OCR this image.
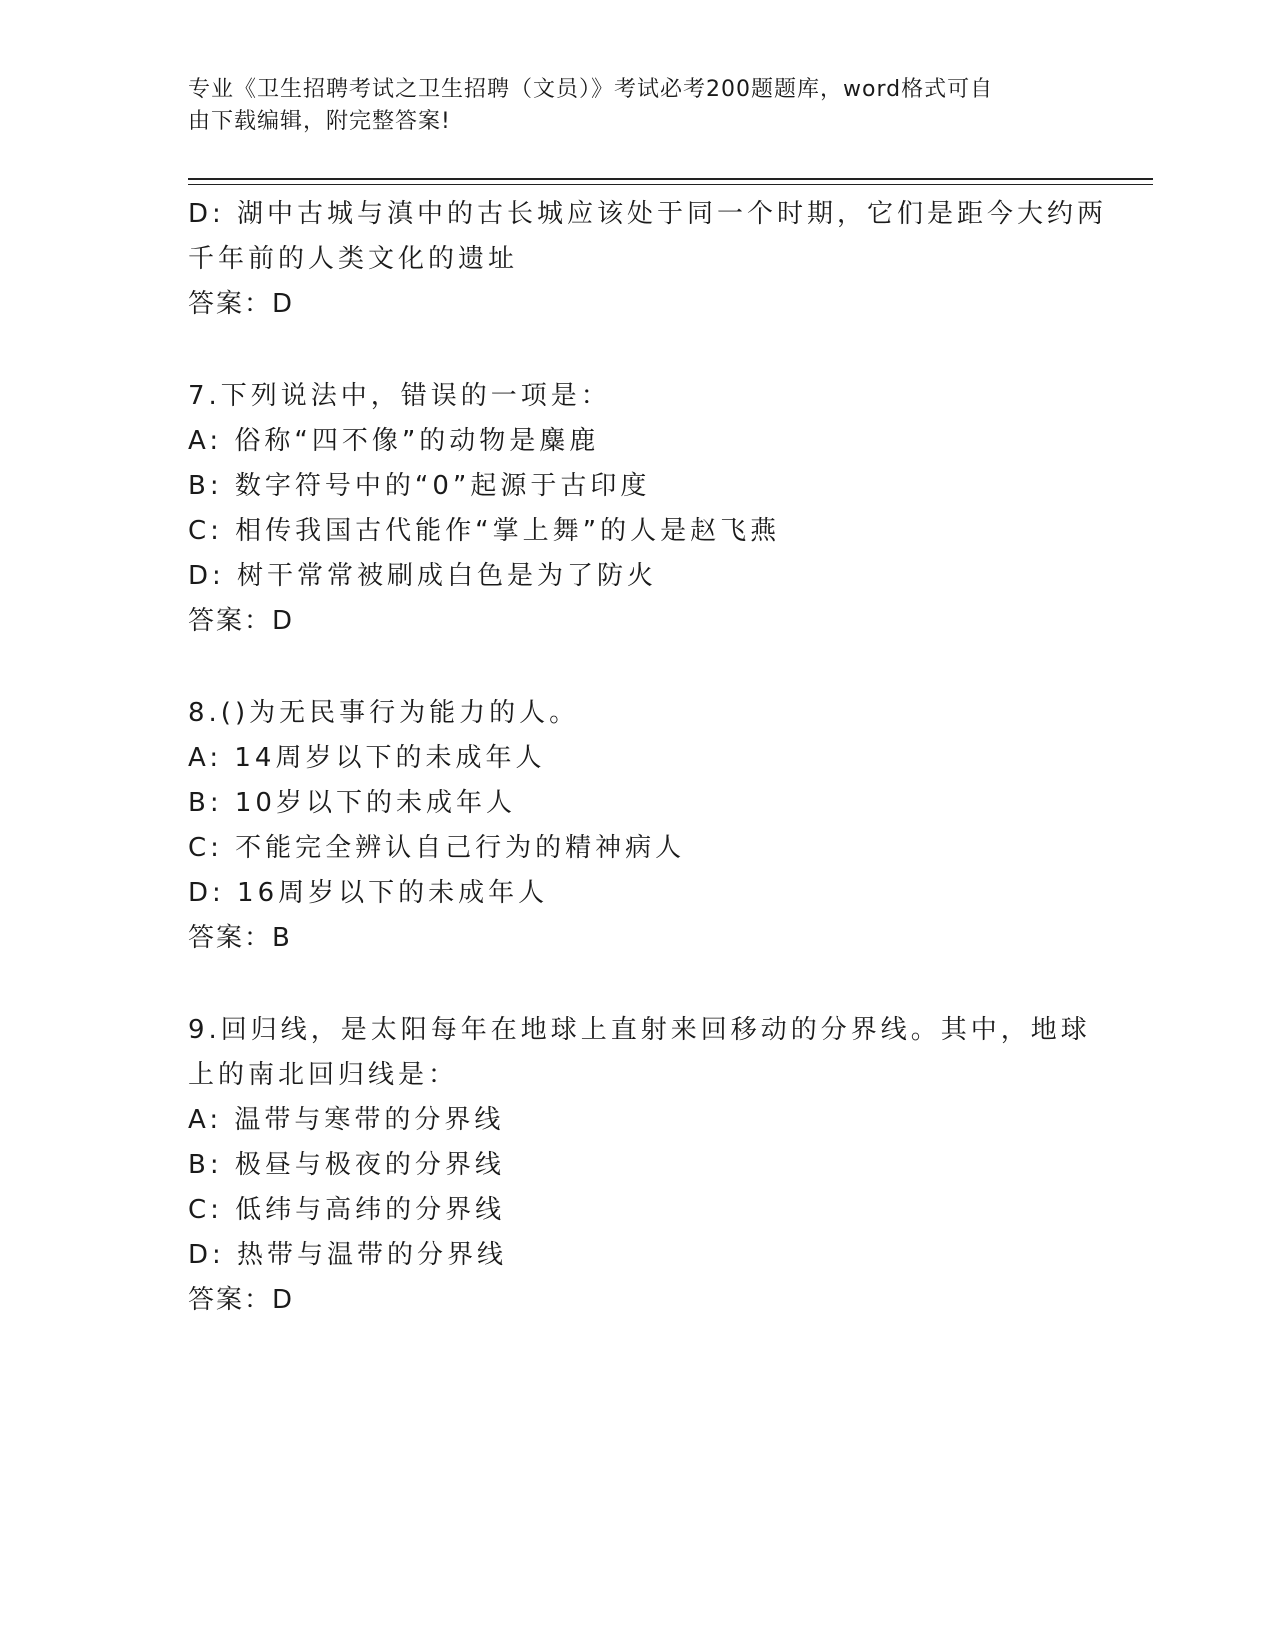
专业《卫生招聘考试之卫生招聘（文员）》考试必考200题题库，word格式可自
由下载编辑，附完整答案!
D: 湖中古城与滇中的古长城应该处于同一个时期，它们是距今大约两
千年前的人类文化的遗址
答案：D
7.下列说法中，错误的一项是：
A: 俗称“四不像”的动物是麋鹿
B: 数字符号中的“0”起源于古印度
C: 相传我国古代能作“掌上舞”的人是赵飞燕
D: 树干常常被刷成白色是为了防火
答案：D
8.()为无民事行为能力的人。
A: 14周岁以下的未成年人
B: 10岁以下的未成年人
C: 不能完全辨认自己行为的精神病人
D: 16周岁以下的未成年人
答案：B
9.回归线，是太阳每年在地球上直射来回移动的分界线。其中，地球
上的南北回归线是：
A: 温带与寒带的分界线
B: 极昼与极夜的分界线
C: 低纬与高纬的分界线
D: 热带与温带的分界线
答案：D
